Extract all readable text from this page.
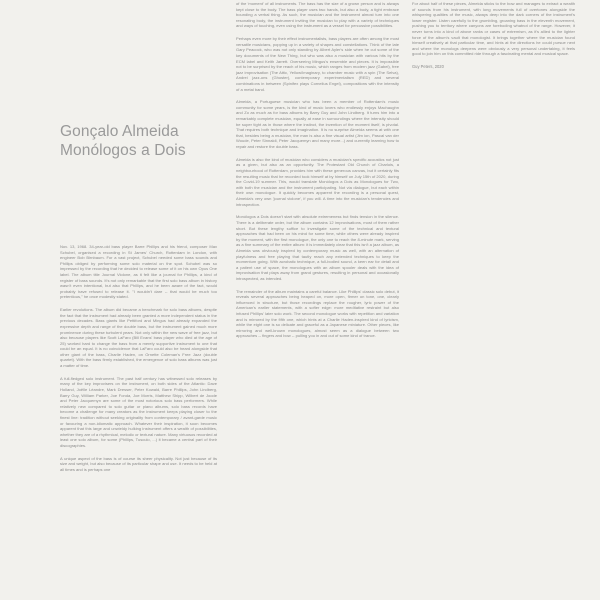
Gonçalo Almeida
Monólogos a Dois

Nov. 13, 1968. 34-year-old bass player Barre Phillips and his friend, composer Max Schubel, organised a recording in St James' Church, Rotterdam in London, with engineer Bob Birnbaum. For a vast project, Schubel needed some bass sounds and Phillips obliged by performing some solo material on the spot. Schubel was so impressed by the recording that he decided to release some of it on his own Opus One label. The album title Journal Violone, as it felt like a journal for Phillips, a kind of register of bass sounds. It's not only remarkable that the first solo bass album in history wasn't even intentional, but also that Phillips, and he been aware of the fact, would probably have refused to release it. "I wouldn't dare -- that would be much too pretentious," he once modestly stated.

Earlier revolutions. The album did became a benchmark for solo bass albums, despite the fact that the instrument had already been granted a more independent status in the previous decades. Bass giants like Pettiford and Mingus had already expanded the expressive depth and range of the double bass, but the instrument gained much more prominence during these turbulent years. Not only within the new wave of free jazz, but also because players like Scott LaFaro (Bill Evans' bass player who died at the age of 25) worked hard to change the bass from a merely supportive instrument to one that could be an equal. It is no coincidence that LaFaro could also be heard alongside that other giant of the bass, Charlie Haden, on Ornette Coleman's Free Jazz (double quartet). With the bass firmly established, the emergence of solo bass albums was just a matter of time.

A full-fledged solo instrument. The past half century has witnessed solo releases by many of the key improvisers on the instrument, on both sides of the Atlantic: Dave Holland, Joëlle Léandre, Mark Dresser, Peter Kowald, Barre Phillips, John Lindberg, Barry Guy, William Parker, Joe Fonda, Joe Morris, Matthew Shipp, Wilbert de Joode and Peter Jacquemyn are some of the most notorious solo bass performers. While relatively new compared to solo guitar or piano albums, solo bass records have become a challenge for many creators as the instrument keeps playing closer to the finest line: tradition without seeking originality from contemporary / avant-garde music or favouring a non-idiomatic approach. Whatever their inspiration, it soon becomes apparent that this large and unwieldy hulking instrument offers a wealth of possibilities, whether they are of a rhythmical, melodic or textural nature. Many virtuosos recorded at least one solo album, for some (Phillips, Tusculo, ...) it became a central part of their discographies.

A unique aspect of the bass is of course its sheer physicality. Not just because of its size and weight, but also because of its particular shape and use. It needs to be held at all times and is perhaps one

of the 'moment' of all instruments. The bass has the size of a grown person and is always kept close to the body. The bass player uses two hands, but also a body, a tight embrace bounding a verbal thing. As such, the musician and the instrument almost turn into one resonating body, the instrument inviting the musician to play with a variety of techniques and ways of touching, even using the instrument as a vessel for percussive possibilities.

Perhaps even more by their effect instrumentalists, bass players are often among the most versatile musicians, popping up in a variety of shapes and constellations. Think of the late Gary Peacock, who was not only standing by Albert Ayler's side when he cut some of the key documents of the New Thing, but who was also a musician with various hits by the ECM label and Keith Jarrett. Overseeing Mingus's ensemble and pieces. It is impossible not to be surprised by the reach of his music, which ranges from modern jazz (Gabel), free jazz improvisation (The Attic, Yellow/Imaginary, to chamber music with a spin (The Selva), Andrei jazz-ons (Ghoster), contemporary experimentalism (RED) and several combinations in between (Spinifex plays Cornelius Engel), compositions with the intensity of a metal band.

Almeida, a Portuguese musician who has been a member of Rotterdam's music community for some years, is the kind of music lovers who endlessly enjoys Machaughn and Zo as much as for bass albums by Barry Guy and John Lindberg. It turns him into a remarkably complete musician, equally at ease in surroundings where the intensity should be super tight as in those where the instinct, the invention of the moment itself, is pivotal. That requires both technique and imagination. It is no surprise Almeida seems at with one that, besides being a musician, the man is also a fine visual artist (Jim ion, Pascal van der Woude, Peter Sinnaldi, Peter Jacquemyn and many more...) and currently learning how to repair and restore the double bass.

Almeida is also the kind of musician who considers a musician's specific acoustics not just as a given, but also as an opportunity. The Protestant Old Church of Charlois, a neighbourhood of Rotterdam, provides him with these generous canvas, but it certainly fits the resulting music that he recorded took himself at by himself on July 15th of 2020, during the Covid-19 summer. This, would translate Monólogos a Dois as Monologues for Two, with both the musician and the instrument participating. Not via dialogue, but each within their own monologue. It quickly becomes apparent the recording is a personal quest, Almeida's very own 'journal violone', if you will. A time into the musician's tendencies and introspection.

Monólogos a Dois doesn't start with absolute extremeness but finds tension in the silence. There is a deliberate order, but the album contains 12 improvisations, most of them rather short. But these lengthy suffice to investigate some of the technical and textural approaches that had been on his mind for some time, while others were already inspired by the moment, with the first monologue, the only one to reach the 8-minute mark, serving as a fine summary of the entire album: it is immediately clear that this isn't a jazz album, as Almeida was obviously inspired by contemporary music as well, with an alternation of playfulness and free playing that tautly reach any extended techniques to keep the momentum going. With acrobatic technique, a full-bodied sound, a keen ear for detail and a patient use of space, the monologues with an album spooler deals with the idea of improvisation that plays away from grand gestures, resulting in personal and occasionally introspected, as intended.

The remainder of the album maintains a careful balance. Like Phillips' classic solo debut, it reveals several approaches being heaped on, more open, firmer on tone, one, clearly influenced in structure, but those recordings replace the rougher, lyric power of the American's earlier statements, with a softer edge: more meditative restraint but also infused Phillips' later solo work. The second monologue works with repetition and variation and is mirrored by the fifth one, which hints at a Charlie Haden-inspired kind of lyricism, while the eight one is so delicate and graceful as a Japanese miniature. Other pieces, like mirroring and well-known monologues, almost seem as a dialogue between two approaches -- fingers and bow -- pulling you in and out of some kind of trance.

For about half of these pieces, Almeida sticks to the bow and manages to extract a wealth of sounds from his instrument, with long movements full of overtones alongside the whispering qualities of the music, always deep into the dark corners of the instrument's lower register. Listen carefully to the grumbling, groaning bass in the eleventh movement, pushing you to territory where canyons are foreboding whatnot of the range. However, it never turns into a kind of above ranks or cases of extremism, as it's allied to the lighter force of the album's vault that monologist. It brings together where the musician found himself creatively at that particular time, and hints at the directions he could pursue next and where the monologs deepens were obviously a very personal undertaking, it feels good to join him on this committed ride through a fascinating mental and musical space.

Guy Peters, 2020
